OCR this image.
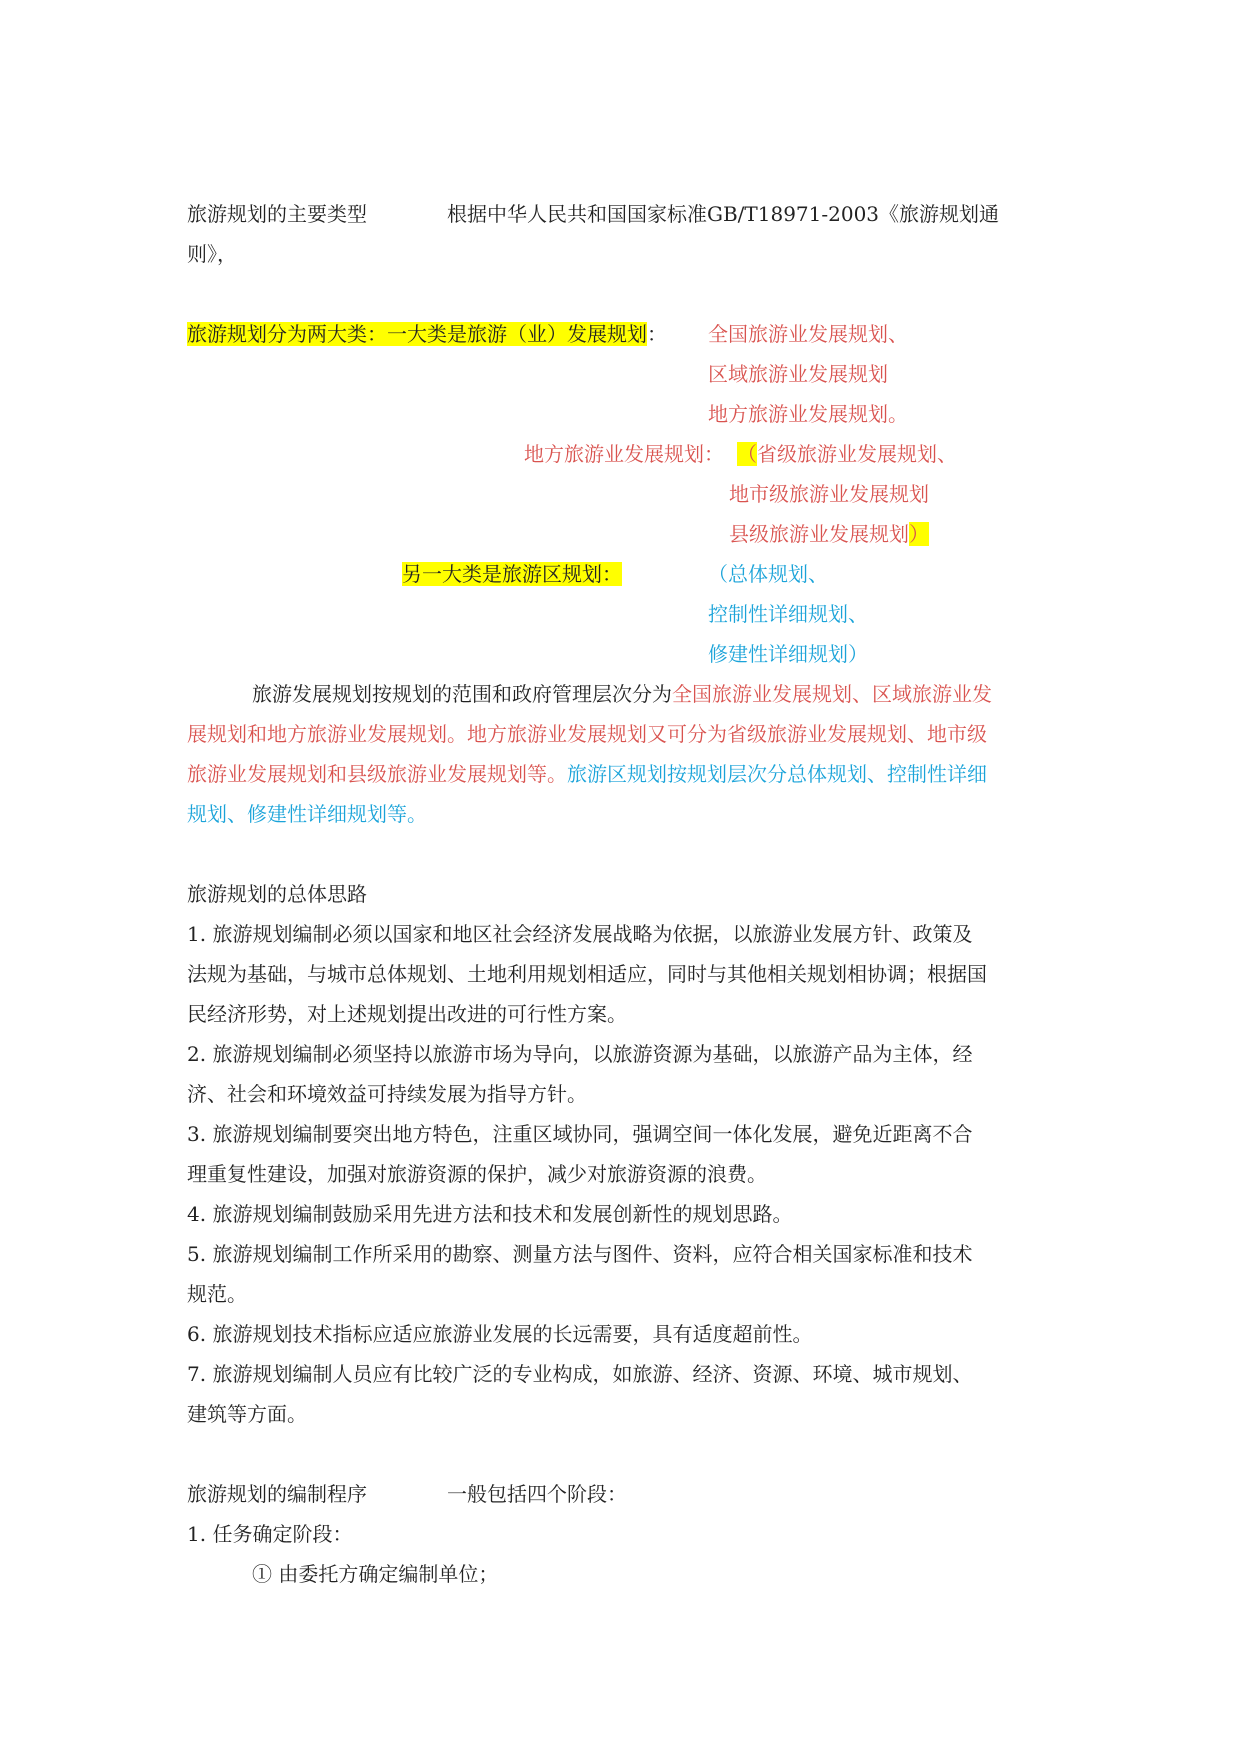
旅游规划的主要类型	根据中华人民共和国国家标准GB/T18971-2003《旅游规划通
则》，
旅游规划分为两大类：一大类是旅游（业）发展规划： 全国旅游业发展规划、
区域旅游业发展规划
地方旅游业发展规划。
地方旅游业发展规划： （省级旅游业发展规划、
地市级旅游业发展规划
县级旅游业发展规划）
另一大类是旅游区规划：	（总体规划、
控制性详细规划、
修建性详细规划）
旅游发展规划按规划的范围和政府管理层次分为全国旅游业发展规划、区域旅游业发
展规划和地方旅游业发展规划。地方旅游业发展规划又可分为省级旅游业发展规划、地市级
旅游业发展规划和县级旅游业发展规划等。旅游区规划按规划层次分总体规划、控制性详细
规划、修建性详细规划等。
旅游规划的总体思路
1. 旅游规划编制必须以国家和地区社会经济发展战略为依据，以旅游业发展方针、政策及
法规为基础，与城市总体规划、土地利用规划相适应，同时与其他相关规划相协调；根据国
民经济形势，对上述规划提出改进的可行性方案。
2. 旅游规划编制必须坚持以旅游市场为导向，以旅游资源为基础，以旅游产品为主体，经
济、社会和环境效益可持续发展为指导方针。
3. 旅游规划编制要突出地方特色，注重区域协同，强调空间一体化发展，避免近距离不合
理重复性建设，加强对旅游资源的保护，减少对旅游资源的浪费。
4. 旅游规划编制鼓励采用先进方法和技术和发展创新性的规划思路。
5. 旅游规划编制工作所采用的勘察、测量方法与图件、资料，应符合相关国家标准和技术
规范。
6. 旅游规划技术指标应适应旅游业发展的长远需要，具有适度超前性。
7. 旅游规划编制人员应有比较广泛的专业构成，如旅游、经济、资源、环境、城市规划、
建筑等方面。
旅游规划的编制程序	一般包括四个阶段：
1. 任务确定阶段：
① 由委托方确定编制单位；
